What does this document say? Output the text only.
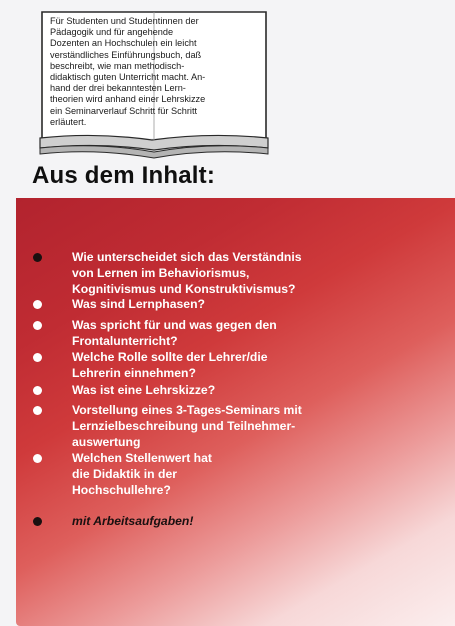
Für Studenten und Studentinnen der
Pädagogik und für angehende
Dozenten an Hochschulen ein leicht
verständliches Einführungsbuch, daß
beschreibt, wie man methodisch-
didaktisch guten Unterricht macht. An-
hand der drei bekanntesten Lern-
theorien wird anhand einer Lehrskizze
ein Seminarverlauf Schritt für Schritt
erläutert.
Aus dem Inhalt:
Wie unterscheidet sich das Verständnis
von Lernen im Behaviorismus,
Kognitivismus und Konstruktivismus?
Was sind Lernphasen?
Was spricht für und was gegen den
Frontalunterricht?
Welche Rolle sollte der Lehrer/die
Lehrerin einnehmen?
Was ist eine Lehrskizze?
Vorstellung eines 3-Tages-Seminars mit
Lernzielbeschreibung und Teilnehmer-
auswertung
Welchen Stellenwert hat
die Didaktik in der
Hochschullehre?
mit Arbeitsaufgaben!
